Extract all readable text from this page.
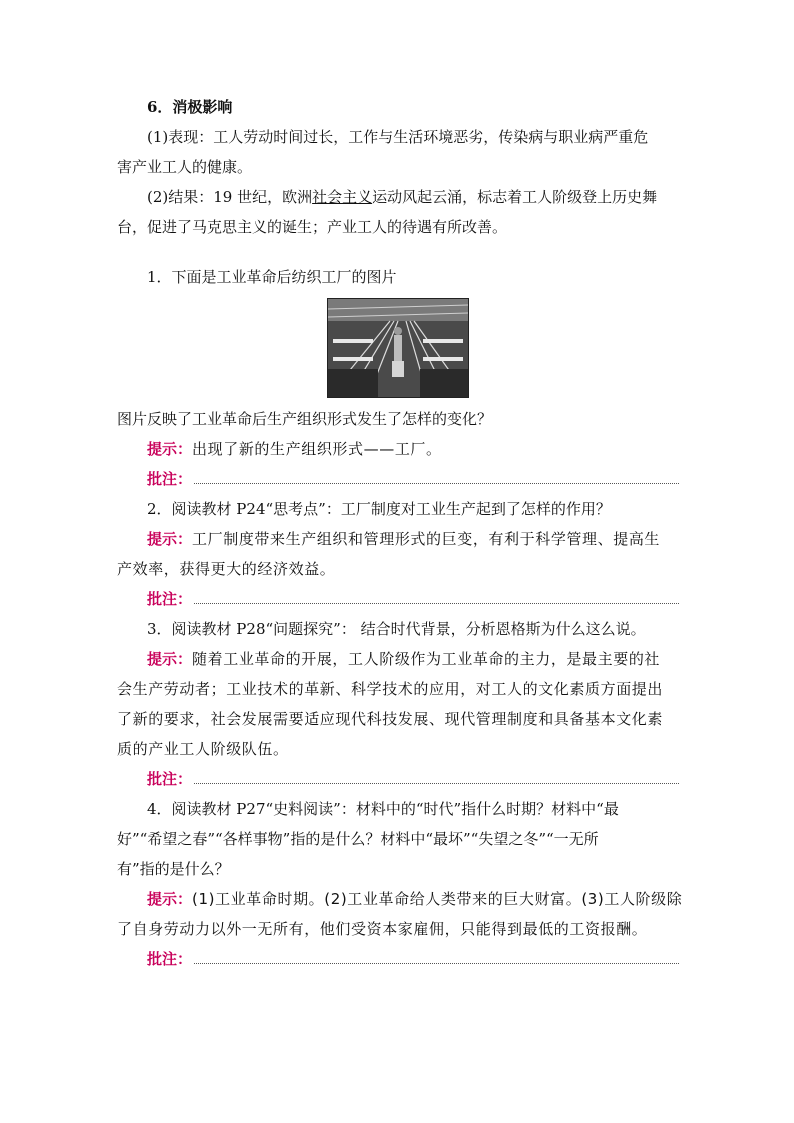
6．消极影响
(1)表现：工人劳动时间过长，工作与生活环境恶劣，传染病与职业病严重危
害产业工人的健康。
(2)结果：19 世纪，欧洲社会主义运动风起云涌，标志着工人阶级登上历史舞
台，促进了马克思主义的诞生；产业工人的待遇有所改善。
1．下面是工业革命后纺织工厂的图片
图片反映了工业革命后生产组织形式发生了怎样的变化？
提示：出现了新的生产组织形式——工厂。
批注：
2．阅读教材 P24“思考点”：工厂制度对工业生产起到了怎样的作用？
提示：工厂制度带来生产组织和管理形式的巨变，有利于科学管理、提高生
产效率，获得更大的经济效益。
批注：
3．阅读教材 P28“问题探究”： 结合时代背景，分析恩格斯为什么这么说。
提示：随着工业革命的开展，工人阶级作为工业革命的主力，是最主要的社
会生产劳动者；工业技术的革新、科学技术的应用，对工人的文化素质方面提出
了新的要求，社会发展需要适应现代科技发展、现代管理制度和具备基本文化素
质的产业工人阶级队伍。
批注：
4．阅读教材 P27“史料阅读”：材料中的“时代”指什么时期？材料中“最
好”“希望之春”“各样事物”指的是什么？材料中“最坏”“失望之冬”“一无所
有”指的是什么？
提示：(1)工业革命时期。(2)工业革命给人类带来的巨大财富。(3)工人阶级除
了自身劳动力以外一无所有，他们受资本家雇佣，只能得到最低的工资报酬。
批注：
